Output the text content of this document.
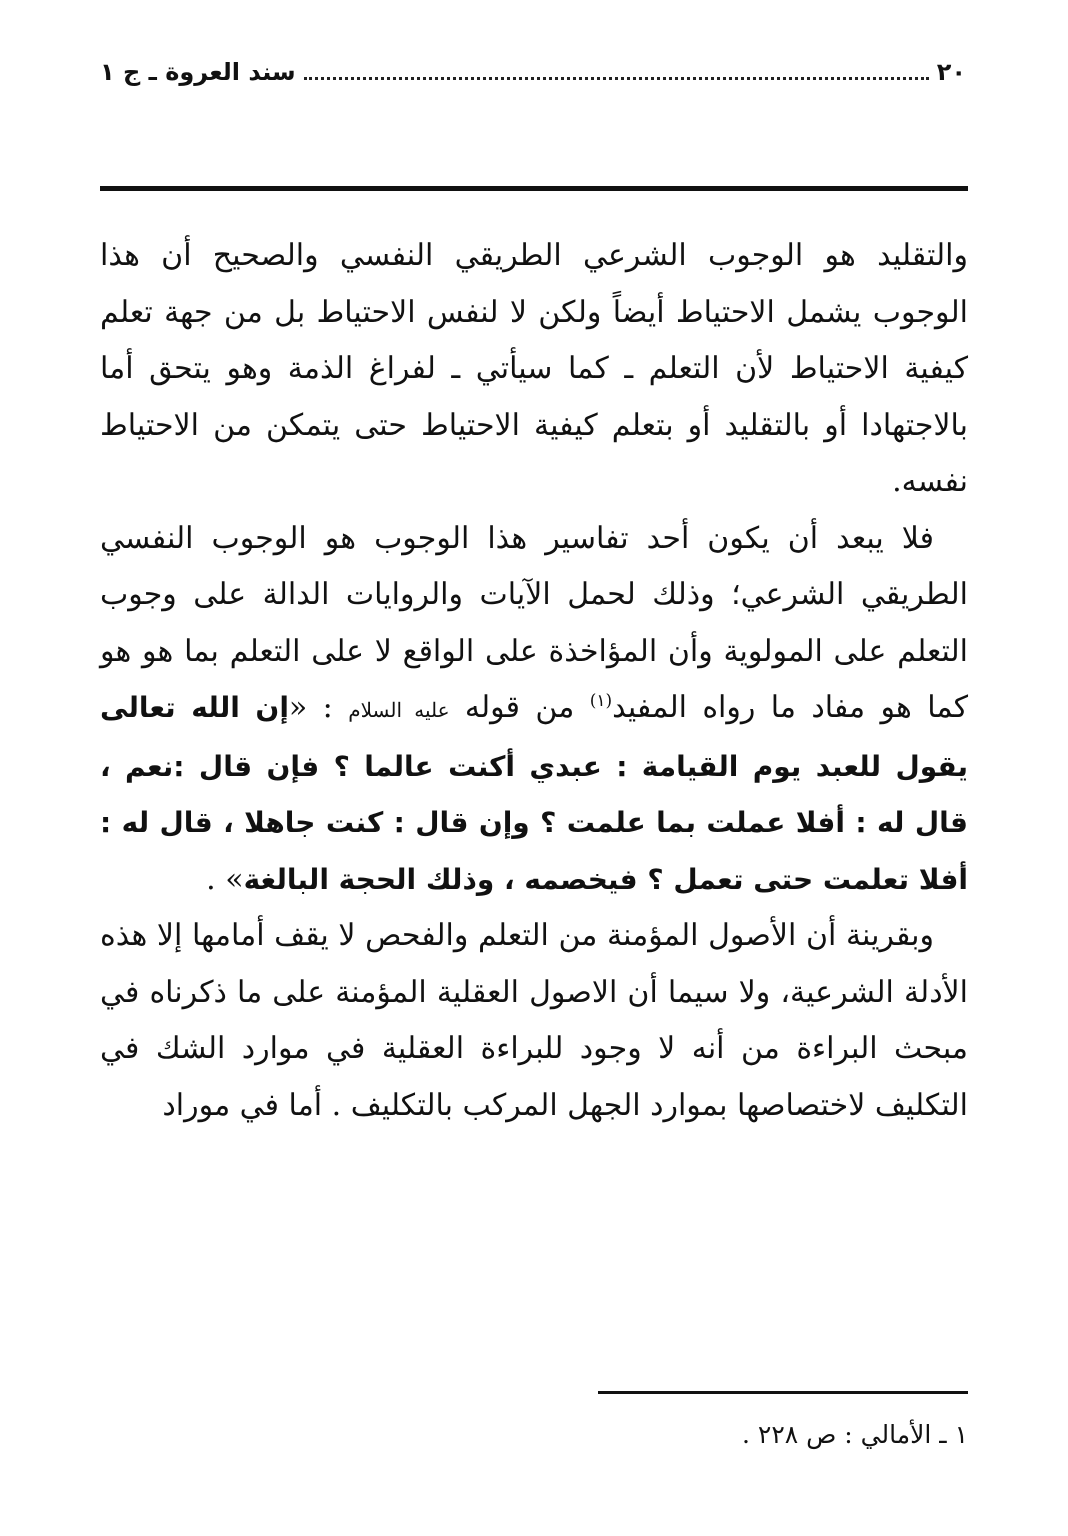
٢٠
سند العروة ـ ج ١

والتقليد هو الوجوب الشرعي الطريقي النفسي والصحيح أن هذا الوجوب يشمل الاحتياط أيضاً ولكن لا لنفس الاحتياط بل من جهة تعلم كيفية الاحتياط لأن التعلم ـ كما سيأتي ـ لفراغ الذمة وهو يتحق أما بالاجتهادا أو بالتقليد أو بتعلم كيفية الاحتياط حتى يتمكن من الاحتياط نفسه.

فلا يبعد أن يكون أحد تفاسير هذا الوجوب هو الوجوب النفسي الطريقي الشرعي؛ وذلك لحمل الآيات والروايات الدالة على وجوب التعلم على المولوية وأن المؤاخذة على الواقع لا على التعلم بما هو هو كما هو مفاد ما رواه المفيد$^{(١)}$ من قوله عليه السلام : «إن الله تعالى يقول للعبد يوم القيامة : عبدي أكنت عالما ؟ فإن قال :نعم ، قال له : أفلا عملت بما علمت ؟ وإن قال : كنت جاهلا ، قال له : أفلا تعلمت حتى تعمل ؟ فيخصمه ، وذلك الحجة البالغة» .

وبقرينة أن الأصول المؤمنة من التعلم والفحص لا يقف أمامها إلا هذه الأدلة الشرعية، ولا سيما أن الاصول العقلية المؤمنة على ما ذكرناه في مبحث البراءة من أنه لا وجود للبراءة العقلية في موارد الشك في التكليف لاختصاصها بموارد الجهل المركب بالتكليف . أما في موراد

١ ـ الأمالي : ص ٢٢٨ .
